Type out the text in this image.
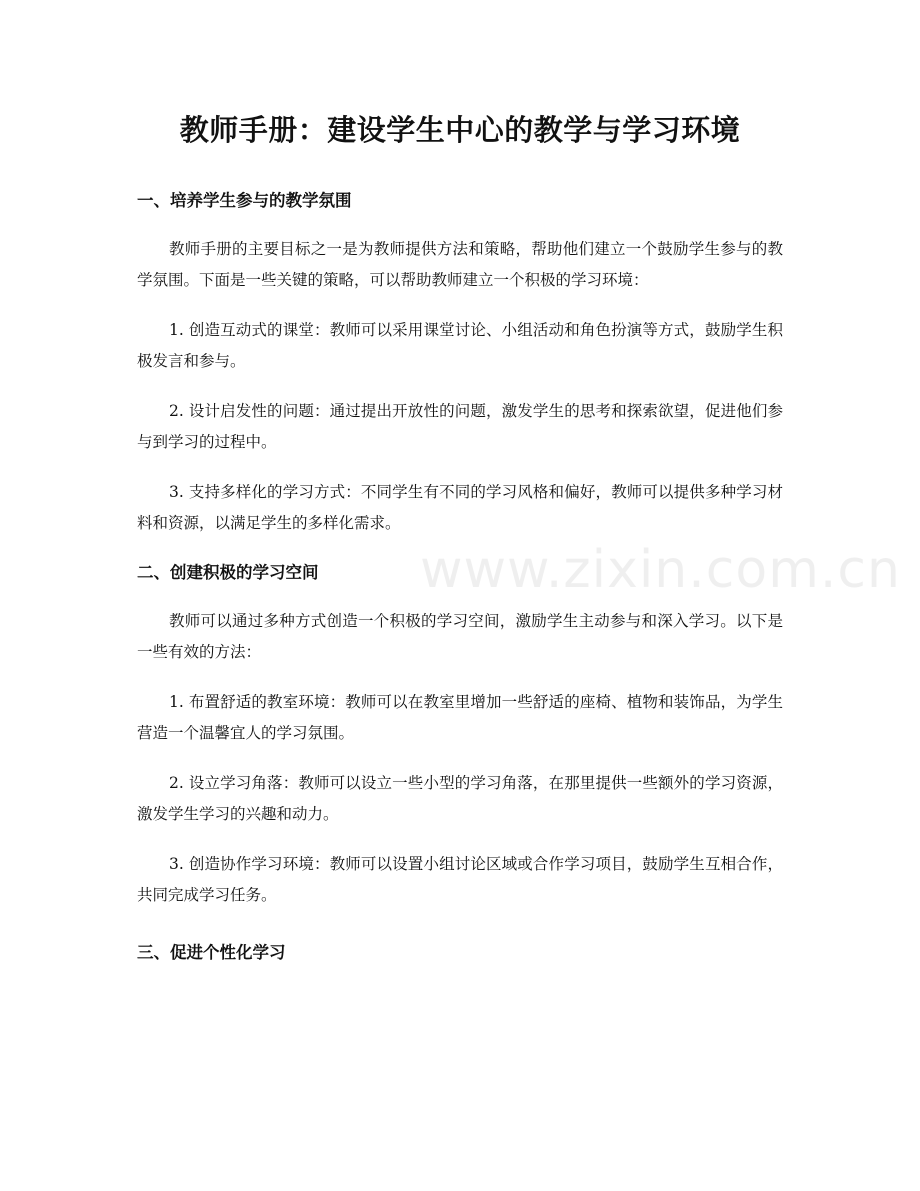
教师手册：建设学生中心的教学与学习环境
www.zixin.com.cn
一、培养学生参与的教学氛围

教师手册的主要目标之一是为教师提供方法和策略，帮助他们建立一个鼓励学生参与的教学氛围。下面是一些关键的策略，可以帮助教师建立一个积极的学习环境：

1. 创造互动式的课堂：教师可以采用课堂讨论、小组活动和角色扮演等方式，鼓励学生积极发言和参与。

2. 设计启发性的问题：通过提出开放性的问题，激发学生的思考和探索欲望，促进他们参与到学习的过程中。

3. 支持多样化的学习方式：不同学生有不同的学习风格和偏好，教师可以提供多种学习材料和资源，以满足学生的多样化需求。

二、创建积极的学习空间

教师可以通过多种方式创造一个积极的学习空间，激励学生主动参与和深入学习。以下是一些有效的方法：

1. 布置舒适的教室环境：教师可以在教室里增加一些舒适的座椅、植物和装饰品，为学生营造一个温馨宜人的学习氛围。

2. 设立学习角落：教师可以设立一些小型的学习角落，在那里提供一些额外的学习资源，激发学生学习的兴趣和动力。

3. 创造协作学习环境：教师可以设置小组讨论区域或合作学习项目，鼓励学生互相合作，共同完成学习任务。

三、促进个性化学习
